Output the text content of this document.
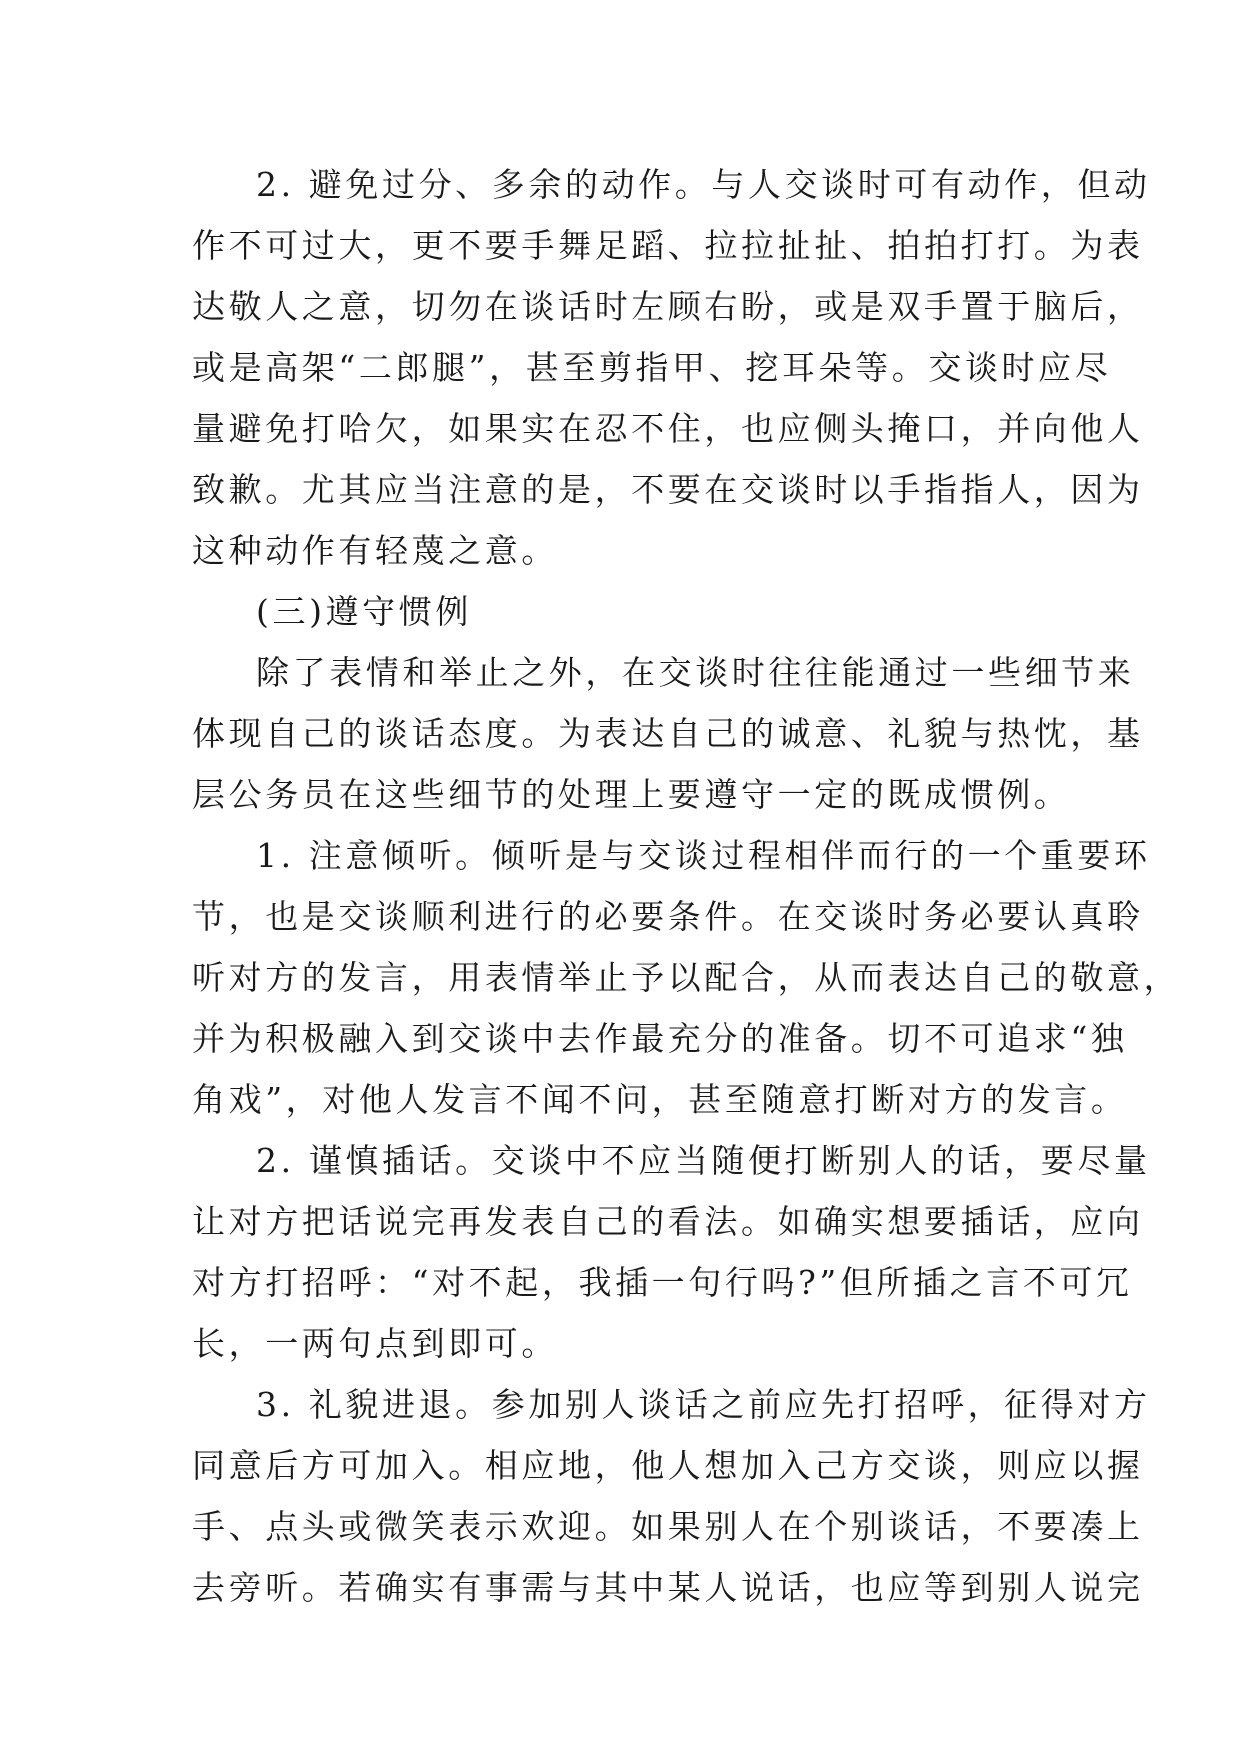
2. 避免过分、多余的动作。与人交谈时可有动作，但动
作不可过大，更不要手舞足蹈、拉拉扯扯、拍拍打打。为表
达敬人之意，切勿在谈话时左顾右盼，或是双手置于脑后，
或是高架“二郎腿”，甚至剪指甲、挖耳朵等。交谈时应尽
量避免打哈欠，如果实在忍不住，也应侧头掩口，并向他人
致歉。尤其应当注意的是，不要在交谈时以手指指人，因为
这种动作有轻蔑之意。
(三)遵守惯例
除了表情和举止之外，在交谈时往往能通过一些细节来
体现自己的谈话态度。为表达自己的诚意、礼貌与热忱，基
层公务员在这些细节的处理上要遵守一定的既成惯例。
1. 注意倾听。倾听是与交谈过程相伴而行的一个重要环
节，也是交谈顺利进行的必要条件。在交谈时务必要认真聆
听对方的发言，用表情举止予以配合，从而表达自己的敬意，
并为积极融入到交谈中去作最充分的准备。切不可追求“独
角戏”，对他人发言不闻不问，甚至随意打断对方的发言。
2. 谨慎插话。交谈中不应当随便打断别人的话，要尽量
让对方把话说完再发表自己的看法。如确实想要插话，应向
对方打招呼：“对不起，我插一句行吗?”但所插之言不可冗
长，一两句点到即可。
3. 礼貌进退。参加别人谈话之前应先打招呼，征得对方
同意后方可加入。相应地，他人想加入己方交谈，则应以握
手、点头或微笑表示欢迎。如果别人在个别谈话，不要凑上
去旁听。若确实有事需与其中某人说话，也应等到别人说完
